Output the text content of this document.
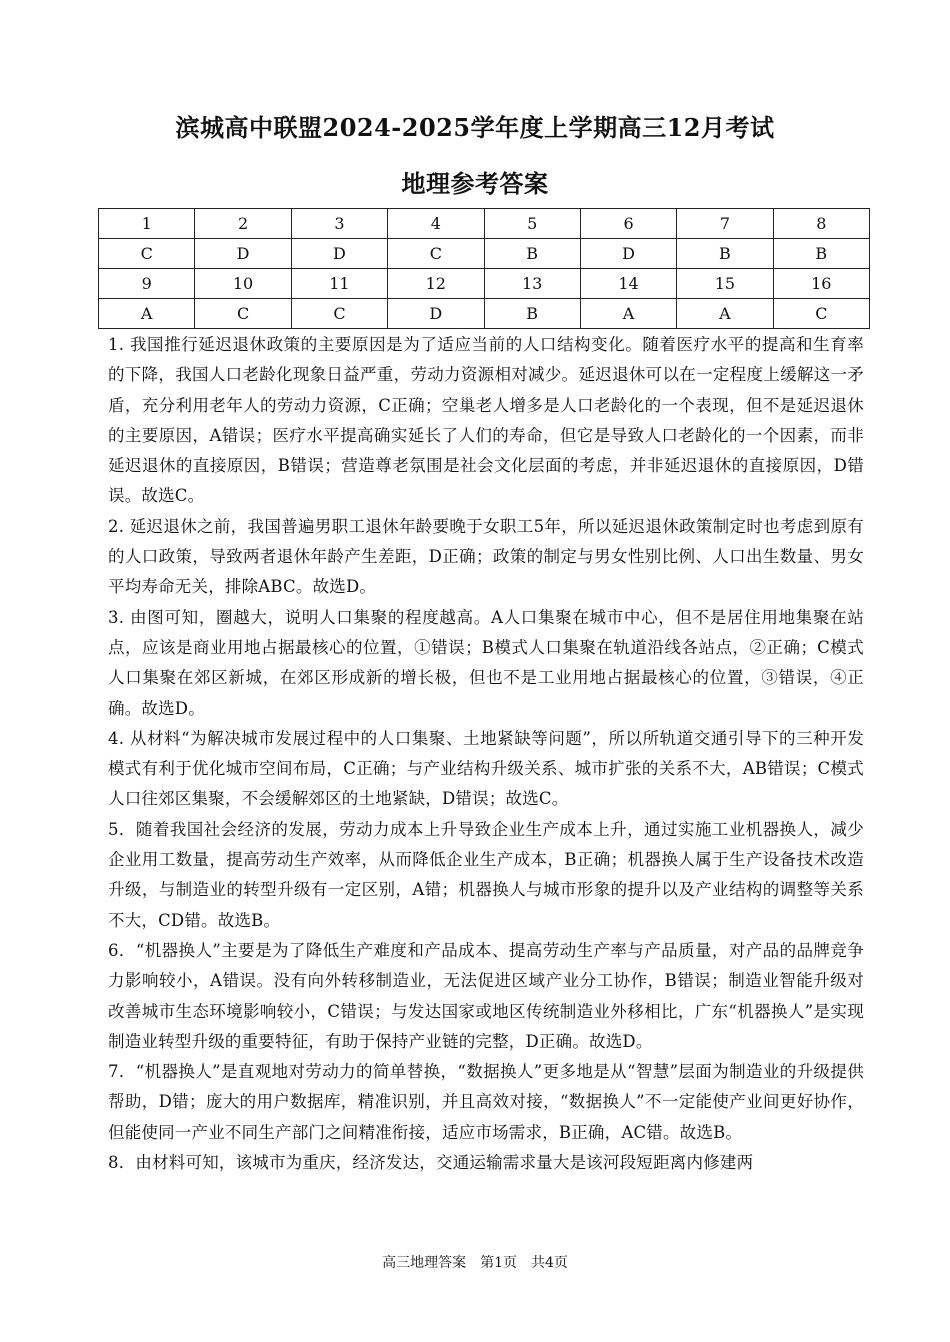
滨城高中联盟2024-2025学年度上学期高三12月考试
地理参考答案
1	2	3	4	5	6	7	8
C	D	D	C	B	D	B	B
9	10	11	12	13	14	15	16
A	C	C	D	B	A	A	C

1. 我国推行延迟退休政策的主要原因是为了适应当前的人口结构变化。随着医疗水平的提高和生育率的下降，我国人口老龄化现象日益严重，劳动力资源相对减少。延迟退休可以在一定程度上缓解这一矛盾，充分利用老年人的劳动力资源，C正确；空巢老人增多是人口老龄化的一个表现，但不是延迟退休的主要原因，A错误；医疗水平提高确实延长了人们的寿命，但它是导致人口老龄化的一个因素，而非延迟退休的直接原因，B错误；营造尊老氛围是社会文化层面的考虑，并非延迟退休的直接原因，D错误。故选C。

2. 延迟退休之前，我国普遍男职工退休年龄要晚于女职工5年，所以延迟退休政策制定时也考虑到原有的人口政策，导致两者退休年龄产生差距，D正确；政策的制定与男女性别比例、人口出生数量、男女平均寿命无关，排除ABC。故选D。

3. 由图可知，圈越大，说明人口集聚的程度越高。A人口集聚在城市中心，但不是居住用地集聚在站点，应该是商业用地占据最核心的位置，①错误；B模式人口集聚在轨道沿线各站点，②正确；C模式人口集聚在郊区新城，在郊区形成新的增长极，但也不是工业用地占据最核心的位置，③错误，④正确。故选D。

4. 从材料“为解决城市发展过程中的人口集聚、土地紧缺等问题”，所以所轨道交通引导下的三种开发模式有利于优化城市空间布局，C正确；与产业结构升级关系、城市扩张的关系不大，AB错误；C模式人口往郊区集聚，不会缓解郊区的土地紧缺，D错误；故选C。

5．随着我国社会经济的发展，劳动力成本上升导致企业生产成本上升，通过实施工业机器换人，减少企业用工数量，提高劳动生产效率，从而降低企业生产成本，B正确；机器换人属于生产设备技术改造升级，与制造业的转型升级有一定区别，A错；机器换人与城市形象的提升以及产业结构的调整等关系不大，CD错。故选B。

6．“机器换人”主要是为了降低生产难度和产品成本、提高劳动生产率与产品质量，对产品的品牌竞争力影响较小，A错误。没有向外转移制造业，无法促进区域产业分工协作，B错误；制造业智能升级对改善城市生态环境影响较小，C错误；与发达国家或地区传统制造业外移相比，广东“机器换人”是实现制造业转型升级的重要特征，有助于保持产业链的完整，D正确。故选D。

7．“机器换人”是直观地对劳动力的简单替换，“数据换人”更多地是从“智慧”层面为制造业的升级提供帮助，D错；庞大的用户数据库，精准识别，并且高效对接，“数据换人”不一定能使产业间更好协作，但能使同一产业不同生产部门之间精准衔接，适应市场需求，B正确，AC错。故选B。

8．由材料可知，该城市为重庆，经济发达，交通运输需求量大是该河段短距离内修建两

高三地理答案　第1页　共4页
